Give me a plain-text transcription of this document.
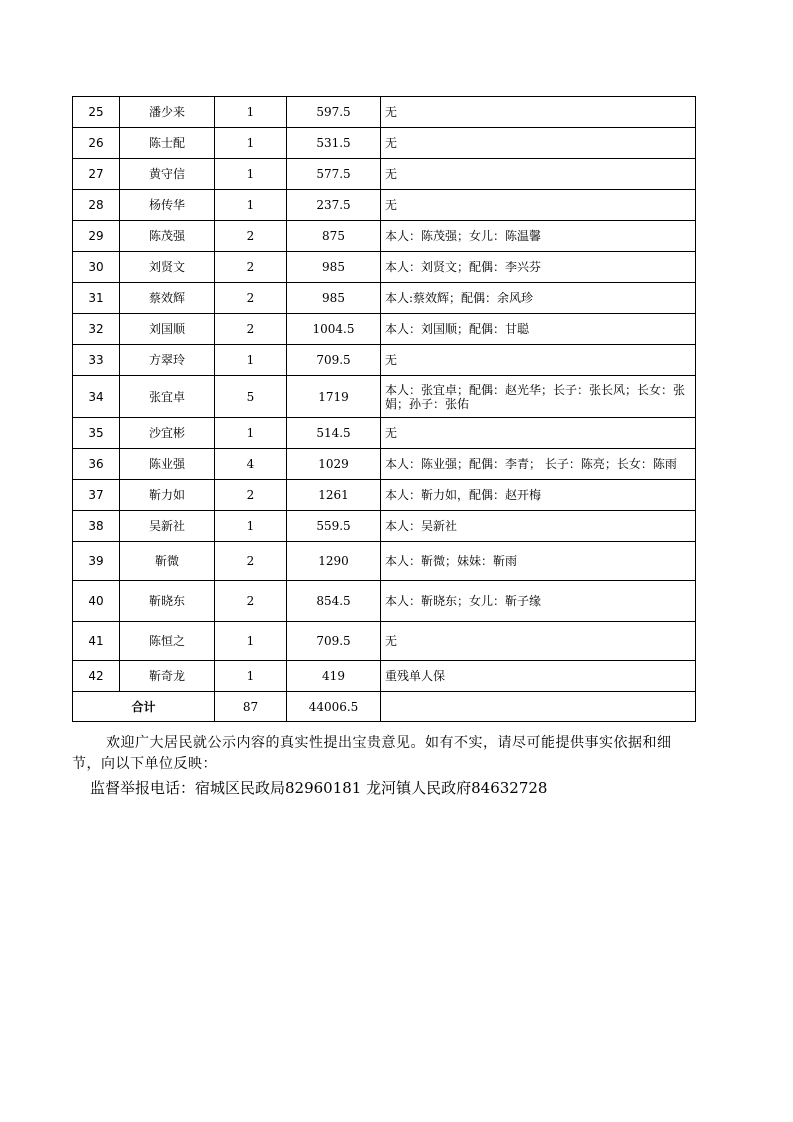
25	潘少来	1	597.5	无
26	陈士配	1	531.5	无
27	黄守信	1	577.5	无
28	杨传华	1	237.5	无
29	陈茂强	2	875	本人：陈茂强；女儿：陈温馨
30	刘贤文	2	985	本人：刘贤文；配偶：李兴芬
31	蔡效辉	2	985	本人:蔡效辉；配偶：余风珍
32	刘国顺	2	1004.5	本人：刘国顺；配偶：甘聪
33	方翠玲	1	709.5	无
34	张宜卓	5	1719	本人：张宜卓；配偶：赵光华；长子：张长风；长女：张娟；孙子：张佑
35	沙宜彬	1	514.5	无
36	陈业强	4	1029	本人：陈业强；配偶：李青； 长子：陈亮；长女：陈雨
37	靳力如	2	1261	本人：靳力如，配偶：赵开梅
38	吴新社	1	559.5	本人：吴新社
39	靳微	2	1290	本人：靳微；妹妹：靳雨
40	靳晓东	2	854.5	本人：靳晓东；女儿：靳子缘
41	陈恒之	1	709.5	无
42	靳奇龙	1	419	重残单人保
合计		87	44006.5	
欢迎广大居民就公示内容的真实性提出宝贵意见。如有不实，请尽可能提供事实依据和细节，向以下单位反映：
监督举报电话：宿城区民政局82960181 龙河镇人民政府84632728
